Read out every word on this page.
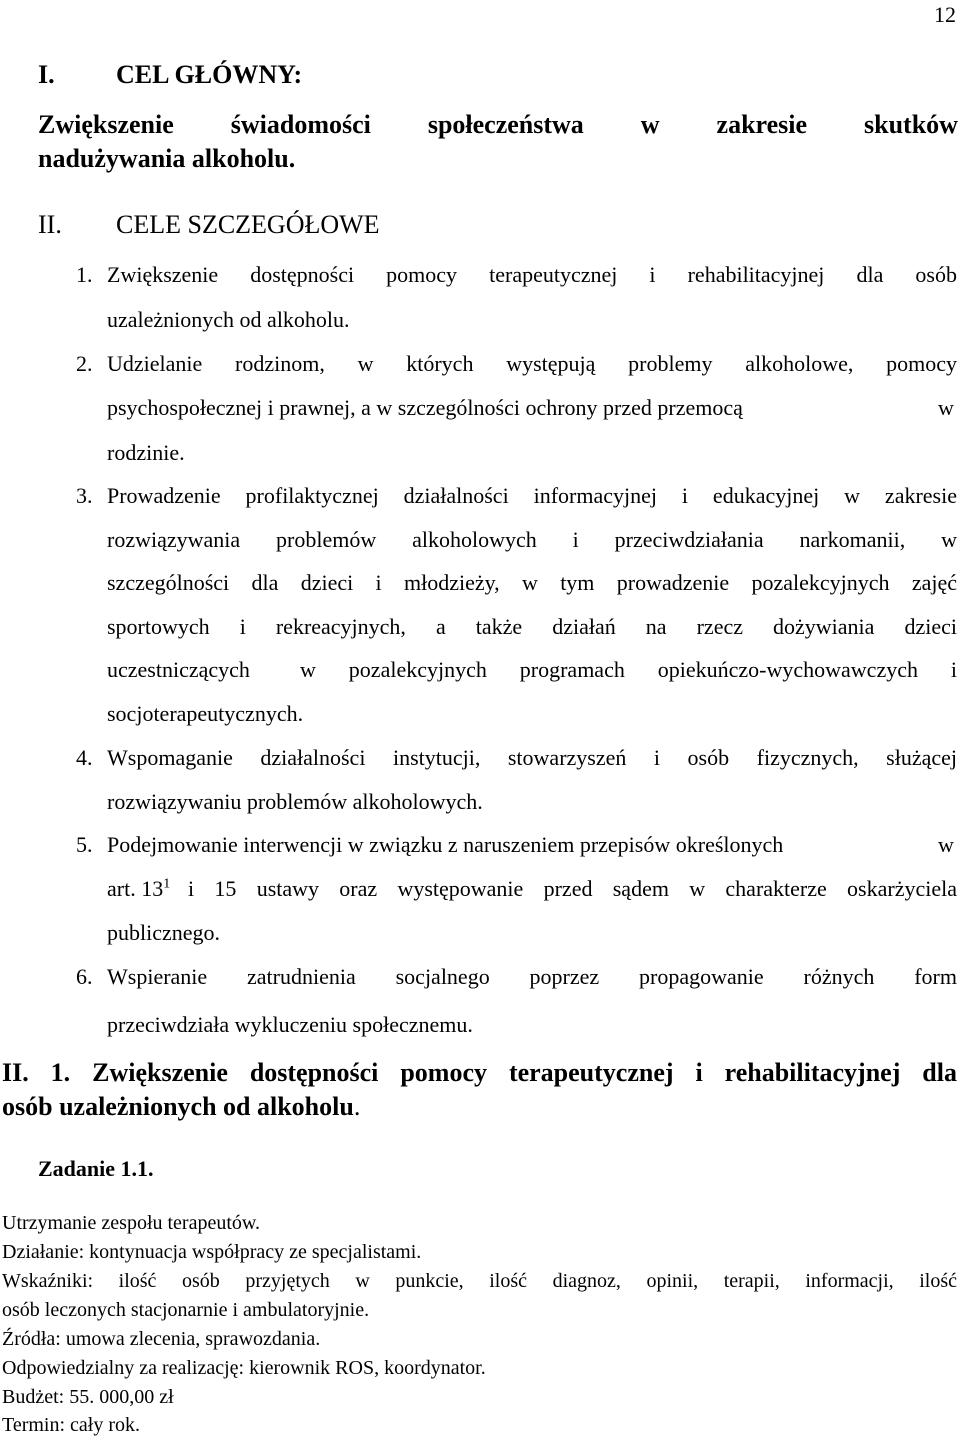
12
I. CEL GŁÓWNY:
Zwiększenie świadomości społeczeństwa w zakresie skutków
nadużywania alkoholu.
II. CELE SZCZEGÓŁOWE
1. Zwiększenie dostępności pomocy terapeutycznej i rehabilitacyjnej dla osób
uzależnionych od alkoholu.
2. Udzielanie rodzinom, w których występują problemy alkoholowe, pomocy
psychospołecznej i prawnej, a w szczególności ochrony przed przemocą	w
rodzinie.
3. Prowadzenie profilaktycznej działalności informacyjnej i edukacyjnej w zakresie
rozwiązywania problemów alkoholowych i przeciwdziałania narkomanii, w
szczególności dla dzieci i młodzieży, w tym prowadzenie pozalekcyjnych zajęć
sportowych i rekreacyjnych, a także działań na rzecz dożywiania dzieci
uczestniczących w pozalekcyjnych programach opiekuńczo-wychowawczych i
socjoterapeutycznych.
4. Wspomaganie działalności instytucji, stowarzyszeń i osób fizycznych, służącej
rozwiązywaniu problemów alkoholowych.
5. Podejmowanie interwencji w związku z naruszeniem przepisów określonych	w
art. $13^1$ i 15 ustawy oraz występowanie przed sądem w charakterze oskarżyciela
publicznego.
6. Wspieranie zatrudnienia socjalnego poprzez propagowanie różnych form
przeciwdziała wykluczeniu społecznemu.
II. 1. Zwiększenie dostępności pomocy terapeutycznej i rehabilitacyjnej dla
osób uzależnionych od alkoholu.
Zadanie 1.1.
Utrzymanie zespołu terapeutów.
Działanie: kontynuacja współpracy ze specjalistami.
Wskaźniki: ilość osób przyjętych w punkcie, ilość diagnoz, opinii, terapii, informacji, ilość
osób leczonych stacjonarnie i ambulatoryjnie.
Źródła: umowa zlecenia, sprawozdania.
Odpowiedzialny za realizację: kierownik ROS, koordynator.
Budżet: 55. 000,00 zł
Termin: cały rok.
